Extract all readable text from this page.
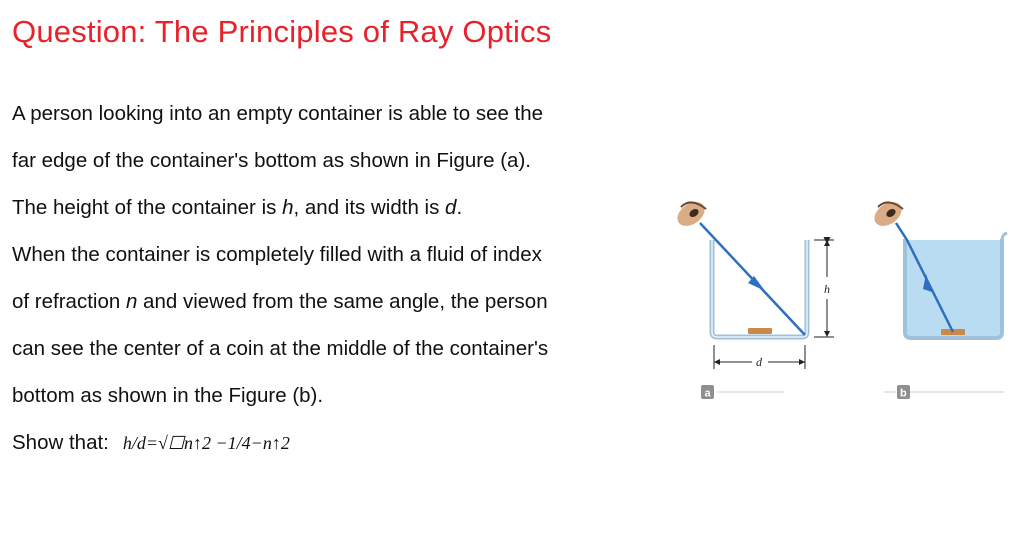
Question: The Principles of Ray Optics

A person looking into an empty container is able to see the

far edge of the container's bottom as shown in Figure (a).

The height of the container is h, and its width is d.

When the container is completely filled with a fluid of index

of refraction n and viewed from the same angle, the person

can see the center of a coin at the middle of the container's

bottom as shown in the Figure (b).

Show that: h/d=√☐n↑2 −1/4−n↑2

h
d
a	b
